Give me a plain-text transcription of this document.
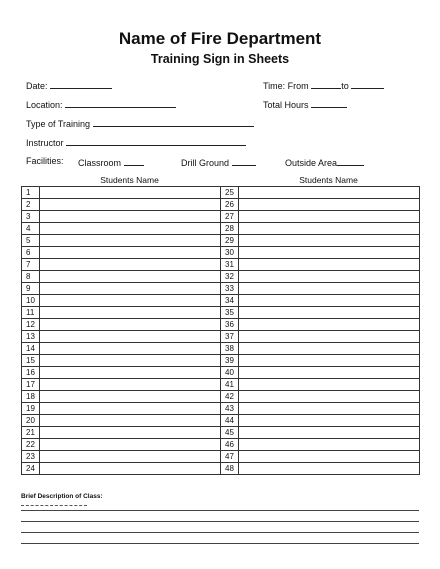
Name of Fire Department
Training Sign in Sheets
Date:	Time: From	to
Location:	Total Hours
Type of Training
Instructor
Facilities: Classroom	Drill Ground	Outside Area
Students Name	Students Name
1		25	
2		26	
3		27	
4		28	
5		29	
6		30	
7		31	
8		32	
9		33	
10		34	
11		35	
12		36	
13		37	
14		38	
15		39	
16		40	
17		41	
18		42	
19		43	
20		44	
21		45	
22		46	
23		47	
24		48	
Brief Description of Class:
